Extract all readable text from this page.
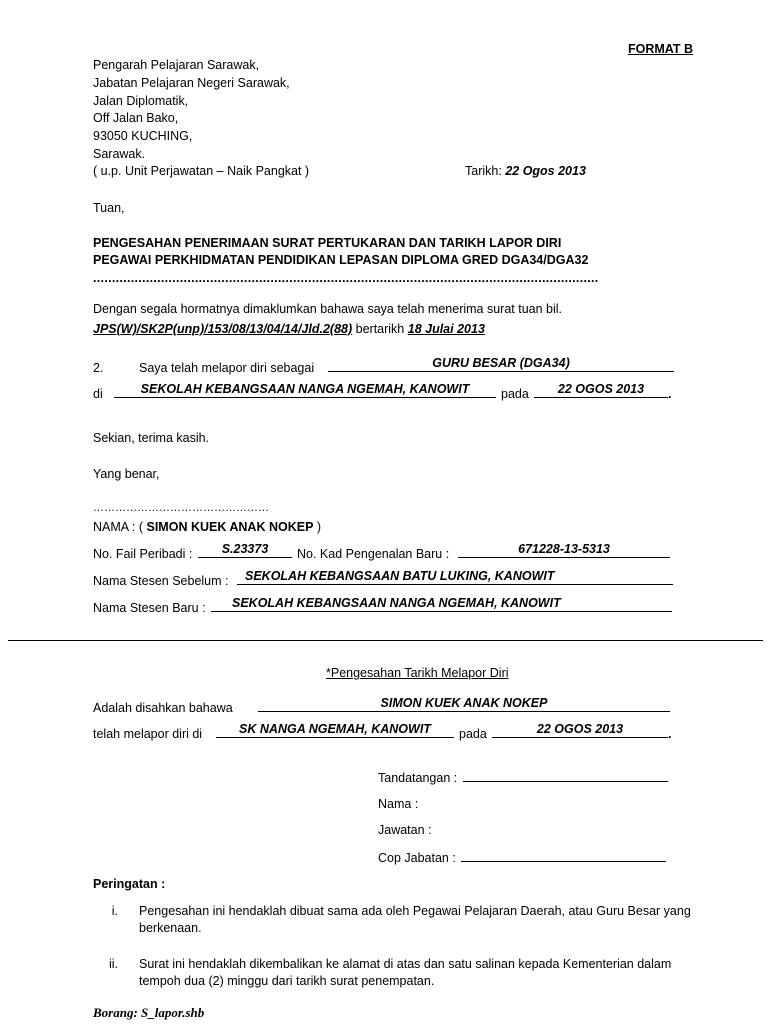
FORMAT B
Pengarah Pelajaran Sarawak,
Jabatan Pelajaran Negeri Sarawak,
Jalan Diplomatik,
Off Jalan Bako,
93050 KUCHING,
Sarawak.
( u.p. Unit Perjawatan – Naik Pangkat )	Tarikh: 22 Ogos 2013
Tuan,
PENGESAHAN PENERIMAAN SURAT PERTUKARAN DAN TARIKH LAPOR DIRI
PEGAWAI PERKHIDMATAN PENDIDIKAN LEPASAN DIPLOMA GRED DGA34/DGA32
......................................................................................................................................
Dengan segala hormatnya dimaklumkan bahawa saya telah menerima surat tuan bil.
JPS(W)/SK2P(unp)/153/08/13/04/14/Jld.2(88) bertarikh 18 Julai 2013
2.	Saya telah melapor diri sebagai	GURU BESAR (DGA34)
di	SEKOLAH KEBANGSAAN NANGA NGEMAH, KANOWIT	pada	22 OGOS 2013	.
Sekian, terima kasih.
Yang benar,
…………………………………………
NAMA : ( SIMON KUEK ANAK NOKEP )
No. Fail Peribadi :	S.23373	No. Kad Pengenalan Baru :	671228-13-5313
Nama Stesen Sebelum : SEKOLAH KEBANGSAAN BATU LUKING, KANOWIT
Nama Stesen Baru : SEKOLAH KEBANGSAAN NANGA NGEMAH, KANOWIT
*Pengesahan Tarikh Melapor Diri
Adalah disahkan bahawa	SIMON KUEK ANAK NOKEP
telah melapor diri di	SK NANGA NGEMAH, KANOWIT	pada	22 OGOS 2013	.
Tandatangan :
Nama :
Jawatan :
Cop Jabatan :
Peringatan :
i. Pengesahan ini hendaklah dibuat sama ada oleh Pegawai Pelajaran Daerah, atau Guru Besar yang berkenaan.
ii. Surat ini hendaklah dikembalikan ke alamat di atas dan satu salinan kepada Kementerian dalam tempoh dua (2) minggu dari tarikh surat penempatan.
Borang: S_lapor.shb
